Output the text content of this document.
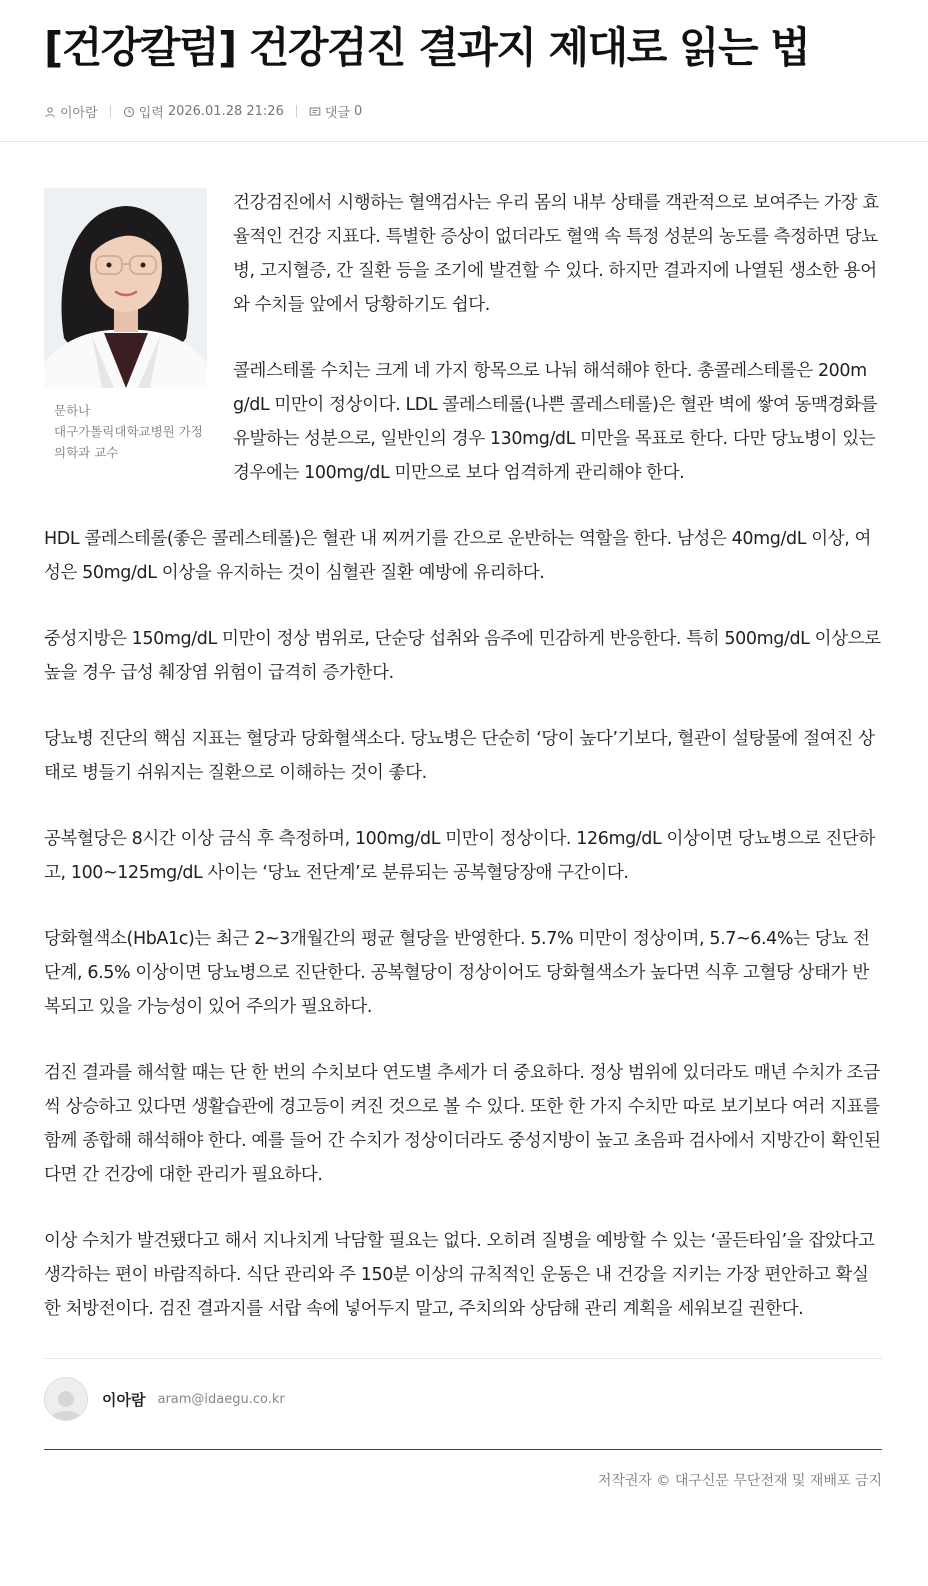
[건강칼럼] 건강검진 결과지 제대로 읽는 법
이아람	입력 2026.01.28 21:26	댓글 0
문하나
대구가톨릭대학교병원 가정의학과 교수

건강검진에서 시행하는 혈액검사는 우리 몸의 내부 상태를 객관적으로 보여주는 가장 효율적인 건강 지표다. 특별한 증상이 없더라도 혈액 속 특정 성분의 농도를 측정하면 당뇨병, 고지혈증, 간 질환 등을 조기에 발견할 수 있다. 하지만 결과지에 나열된 생소한 용어와 수치들 앞에서 당황하기도 쉽다.

콜레스테롤 수치는 크게 네 가지 항목으로 나눠 해석해야 한다. 총콜레스테롤은 200mg/dL 미만이 정상이다. LDL 콜레스테롤(나쁜 콜레스테롤)은 혈관 벽에 쌓여 동맥경화를 유발하는 성분으로, 일반인의 경우 130mg/dL 미만을 목표로 한다. 다만 당뇨병이 있는 경우에는 100mg/dL 미만으로 보다 엄격하게 관리해야 한다.

HDL 콜레스테롤(좋은 콜레스테롤)은 혈관 내 찌꺼기를 간으로 운반하는 역할을 한다. 남성은 40mg/dL 이상, 여성은 50mg/dL 이상을 유지하는 것이 심혈관 질환 예방에 유리하다.

중성지방은 150mg/dL 미만이 정상 범위로, 단순당 섭취와 음주에 민감하게 반응한다. 특히 500mg/dL 이상으로 높을 경우 급성 췌장염 위험이 급격히 증가한다.

당뇨병 진단의 핵심 지표는 혈당과 당화혈색소다. 당뇨병은 단순히 ‘당이 높다’기보다, 혈관이 설탕물에 절여진 상태로 병들기 쉬워지는 질환으로 이해하는 것이 좋다.

공복혈당은 8시간 이상 금식 후 측정하며, 100mg/dL 미만이 정상이다. 126mg/dL 이상이면 당뇨병으로 진단하고, 100~125mg/dL 사이는 ‘당뇨 전단계’로 분류되는 공복혈당장애 구간이다.

당화혈색소(HbA1c)는 최근 2~3개월간의 평균 혈당을 반영한다. 5.7% 미만이 정상이며, 5.7~6.4%는 당뇨 전단계, 6.5% 이상이면 당뇨병으로 진단한다. 공복혈당이 정상이어도 당화혈색소가 높다면 식후 고혈당 상태가 반복되고 있을 가능성이 있어 주의가 필요하다.

검진 결과를 해석할 때는 단 한 번의 수치보다 연도별 추세가 더 중요하다. 정상 범위에 있더라도 매년 수치가 조금씩 상승하고 있다면 생활습관에 경고등이 켜진 것으로 볼 수 있다. 또한 한 가지 수치만 따로 보기보다 여러 지표를 함께 종합해 해석해야 한다. 예를 들어 간 수치가 정상이더라도 중성지방이 높고 초음파 검사에서 지방간이 확인된다면 간 건강에 대한 관리가 필요하다.

이상 수치가 발견됐다고 해서 지나치게 낙담할 필요는 없다. 오히려 질병을 예방할 수 있는 ‘골든타임’을 잡았다고 생각하는 편이 바람직하다. 식단 관리와 주 150분 이상의 규칙적인 운동은 내 건강을 지키는 가장 편안하고 확실한 처방전이다. 검진 결과지를 서랍 속에 넣어두지 말고, 주치의와 상담해 관리 계획을 세워보길 권한다.

이아람 aram@idaegu.co.kr
저작권자 © 대구신문 무단전재 및 재배포 금지
